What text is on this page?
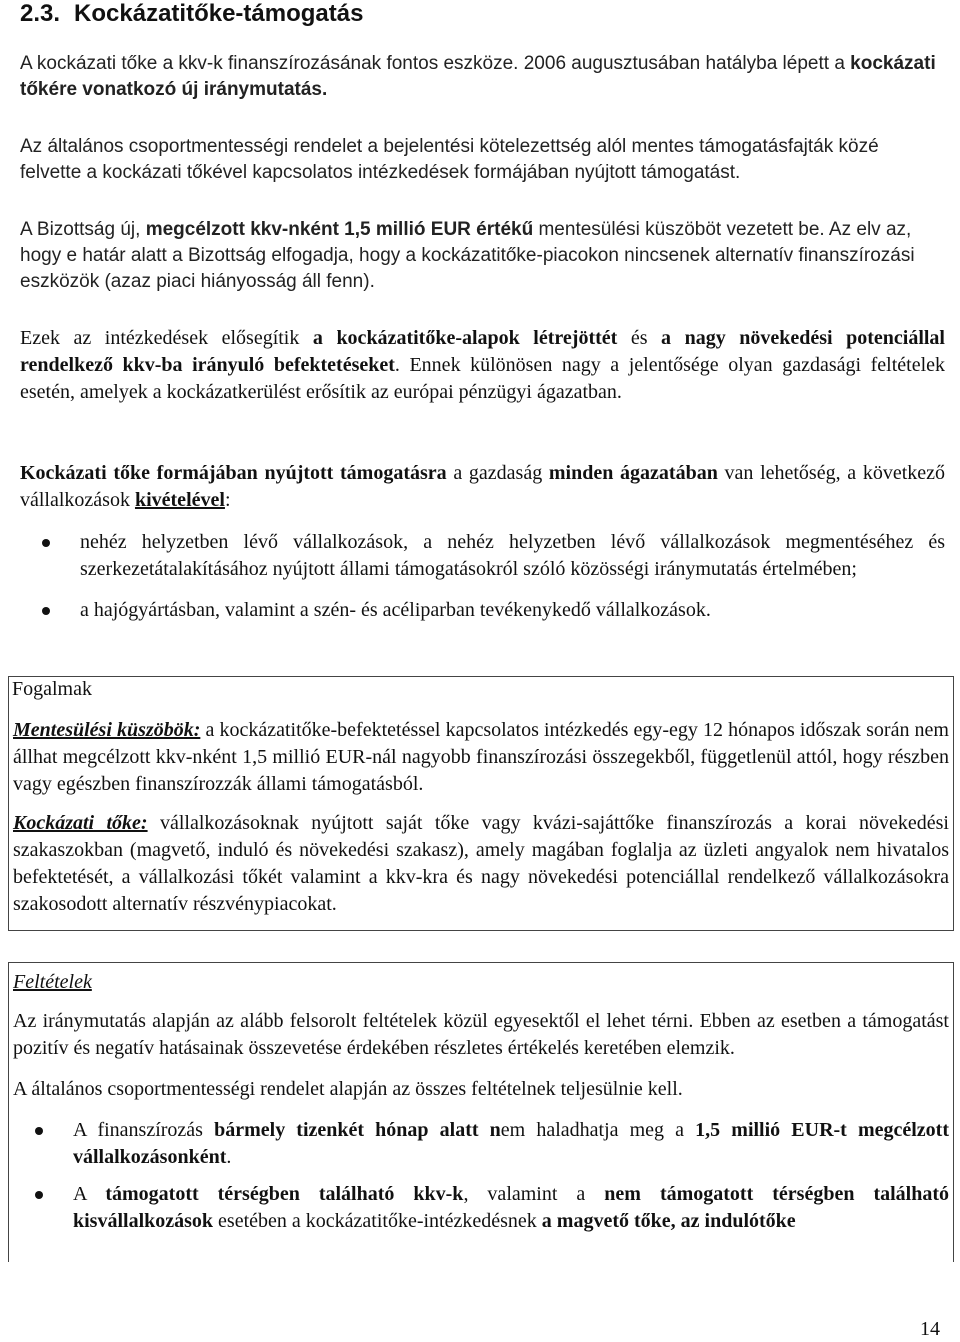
2.3. Kockázatitőke-támogatás

A kockázati tőke a kkv-k finanszírozásának fontos eszköze. 2006 augusztusában hatályba lépett a kockázati tőkére vonatkozó új iránymutatás.

Az általános csoportmentességi rendelet a bejelentési kötelezettség alól mentes támogatásfajták közé felvette a kockázati tőkével kapcsolatos intézkedések formájában nyújtott támogatást.

A Bizottság új, megcélzott kkv-nként 1,5 millió EUR értékű mentesülési küszöböt vezetett be. Az elv az, hogy e határ alatt a Bizottság elfogadja, hogy a kockázatitőke-piacokon nincsenek alternatív finanszírozási eszközök (azaz piaci hiányosság áll fenn).

Ezek az intézkedések elősegítik a kockázatitőke-alapok létrejöttét és a nagy növekedési potenciállal rendelkező kkv-ba irányuló befektetéseket. Ennek különösen nagy a jelentősége olyan gazdasági feltételek esetén, amelyek a kockázatkerülést erősítik az európai pénzügyi ágazatban.

Kockázati tőke formájában nyújtott támogatásra a gazdaság minden ágazatában van lehetőség, a következő vállalkozások kivételével:

nehéz helyzetben lévő vállalkozások, a nehéz helyzetben lévő vállalkozások megmentéséhez és szerkezetátalakításához nyújtott állami támogatásokról szóló közösségi iránymutatás értelmében;
a hajógyártásban, valamint a szén- és acéliparban tevékenykedő vállalkozások.
Fogalmak

Mentesülési küszöbök: a kockázatitőke-befektetéssel kapcsolatos intézkedés egy-egy 12 hónapos időszak során nem állhat megcélzott kkv-nként 1,5 millió EUR-nál nagyobb finanszírozási összegekből, függetlenül attól, hogy részben vagy egészben finanszírozzák állami támogatásból.

Kockázati tőke: vállalkozásoknak nyújtott saját tőke vagy kvázi-sajáttőke finanszírozás a korai növekedési szakaszokban (magvető, induló és növekedési szakasz), amely magában foglalja az üzleti angyalok nem hivatalos befektetését, a vállalkozási tőkét valamint a kkv-kra és nagy növekedési potenciállal rendelkező vállalkozásokra szakosodott alternatív részvénypiacokat.

Feltételek

Az iránymutatás alapján az alább felsorolt feltételek közül egyesektől el lehet térni. Ebben az esetben a támogatást pozitív és negatív hatásainak összevetése érdekében részletes értékelés keretében elemzik.

A általános csoportmentességi rendelet alapján az összes feltételnek teljesülnie kell.

A finanszírozás bármely tizenkét hónap alatt nem haladhatja meg a 1,5 millió EUR-t megcélzott vállalkozásonként.

A támogatott térségben található kkv-k, valamint a nem támogatott térségben található kisvállalkozások esetében a kockázatitőke-intézkedésnek a magvető tőke, az indulótőke

14
